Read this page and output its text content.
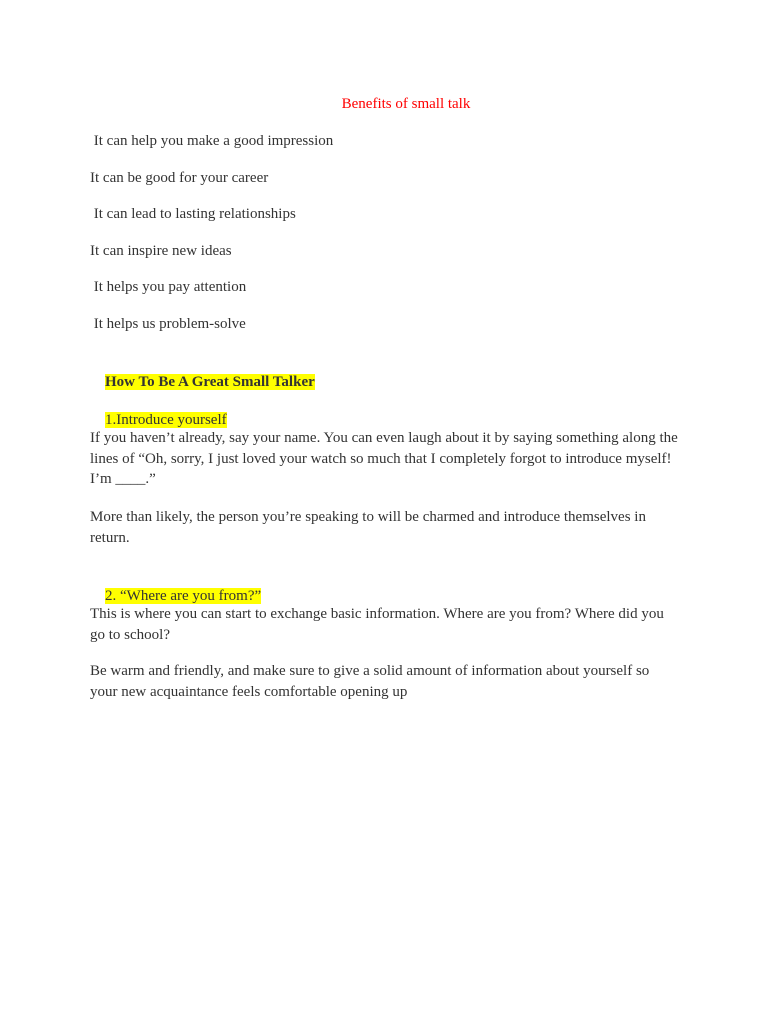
Benefits of small talk
It can help you make a good impression
It can be good for your career
It can lead to lasting relationships
It can inspire new ideas
It helps you pay attention
It helps us problem-solve

How To Be A Great Small Talker

1.Introduce yourself

If you haven’t already, say your name. You can even laugh about it by saying something along the lines of “Oh, sorry, I just loved your watch so much that I completely forgot to introduce myself! I’m ____.”
More than likely, the person you’re speaking to will be charmed and introduce themselves in return.

2. “Where are you from?”

This is where you can start to exchange basic information. Where are you from? Where did you go to school?
Be warm and friendly, and make sure to give a solid amount of information about yourself so your new acquaintance feels comfortable opening up
